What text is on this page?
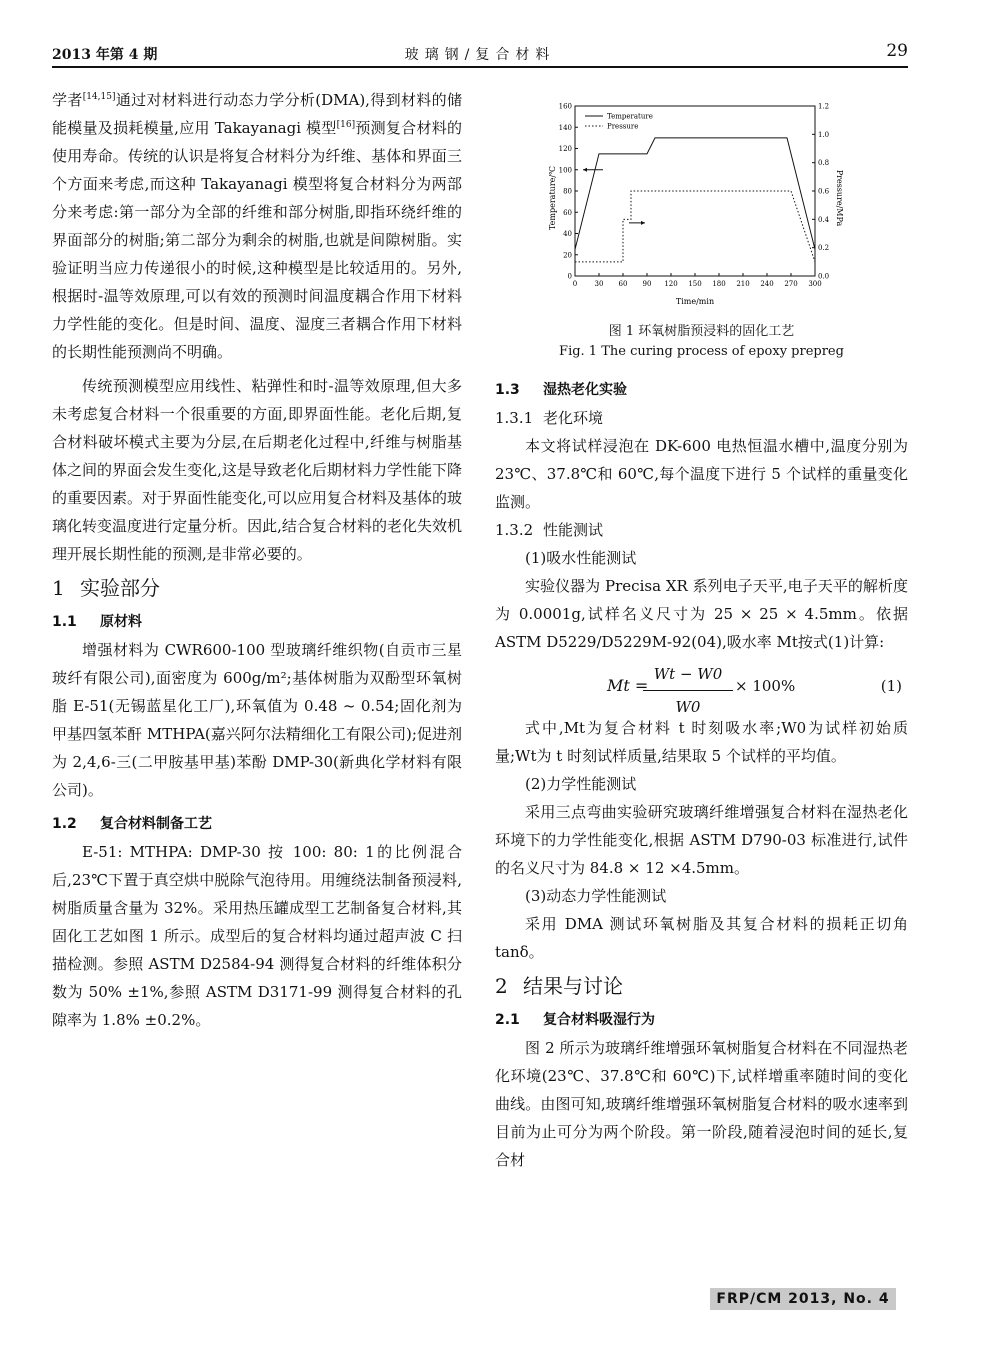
2013 年第 4 期	玻璃钢/复合材料	29

学者[14,15]通过对材料进行动态力学分析(DMA),得到材料的储能模量及损耗模量,应用 Takayanagi 模型[16]预测复合材料的使用寿命。传统的认识是将复合材料分为纤维、基体和界面三个方面来考虑,而这种 Takayanagi 模型将复合材料分为两部分来考虑:第一部分为全部的纤维和部分树脂,即指环绕纤维的界面部分的树脂;第二部分为剩余的树脂,也就是间隙树脂。实验证明当应力传递很小的时候,这种模型是比较适用的。另外,根据时-温等效原理,可以有效的预测时间温度耦合作用下材料力学性能的变化。但是时间、温度、湿度三者耦合作用下材料的长期性能预测尚不明确。

传统预测模型应用线性、粘弹性和时-温等效原理,但大多未考虑复合材料一个很重要的方面,即界面性能。老化后期,复合材料破坏模式主要为分层,在后期老化过程中,纤维与树脂基体之间的界面会发生变化,这是导致老化后期材料力学性能下降的重要因素。对于界面性能变化,可以应用复合材料及基体的玻璃化转变温度进行定量分析。因此,结合复合材料的老化失效机理开展长期性能的预测,是非常必要的。

1 实验部分
1.1 原材料

增强材料为 CWR600-100 型玻璃纤维织物(自贡市三星玻纤有限公司),面密度为 600g/m²;基体树脂为双酚型环氧树脂 E-51(无锡蓝星化工厂),环氧值为 0.48 ~ 0.54;固化剂为甲基四氢苯酐 MTHPA(嘉兴阿尔法精细化工有限公司);促进剂为 2,4,6-三(二甲胺基甲基)苯酚 DMP-30(新典化学材料有限公司)。

1.2 复合材料制备工艺

E-51: MTHPA: DMP-30 按 100: 80: 1的比例混合后,23℃下置于真空烘中脱除气泡待用。用缠绕法制备预浸料,树脂质量含量为 32%。采用热压罐成型工艺制备复合材料,其固化工艺如图 1 所示。成型后的复合材料均通过超声波 C 扫描检测。参照 ASTM D2584-94 测得复合材料的纤维体积分数为 50% ±1%,参照 ASTM D3171-99 测得复合材料的孔隙率为 1.8% ±0.2%。

0 30 60 90 120 150 180 210 240 270 300
0
20
40
60
80
100
120
140
160
0.0
0.2
0.4
0.6
0.8
1.0
1.2
Temperature
Pressure
Time/min
Temperature/℃	Pressure/MPa
图 1 环氧树脂预浸料的固化工艺
Fig. 1 The curing process of epoxy prepreg
1.3 湿热老化实验
1.3.1 老化环境

本文将试样浸泡在 DK-600 电热恒温水槽中,温度分别为 23℃、37.8℃和 60℃,每个温度下进行 5 个试样的重量变化监测。

1.3.2 性能测试

(1)吸水性能测试

实验仪器为 Precisa XR 系列电子天平,电子天平的解析度为 0.0001g,试样名义尺寸为 25 × 25 × 4.5mm。依据 ASTM D5229/D5229M-92(04),吸水率 Mt按式(1)计算:

Mt =
Wt − W0
W0
× 100%	(1)

式中,Mt为复合材料 t 时刻吸水率;W0为试样初始质量;Wt为 t 时刻试样质量,结果取 5 个试样的平均值。

(2)力学性能测试

采用三点弯曲实验研究玻璃纤维增强复合材料在湿热老化环境下的力学性能变化,根据 ASTM D790-03 标准进行,试件的名义尺寸为 84.8 × 12 ×4.5mm。

(3)动态力学性能测试

采用 DMA 测试环氧树脂及其复合材料的损耗正切角 tanδ。

2 结果与讨论
2.1 复合材料吸湿行为

图 2 所示为玻璃纤维增强环氧树脂复合材料在不同湿热老化环境(23℃、37.8℃和 60℃)下,试样增重率随时间的变化曲线。由图可知,玻璃纤维增强环氧树脂复合材料的吸水速率到目前为止可分为两个阶段。第一阶段,随着浸泡时间的延长,复合材

FRP/CM 2013, No. 4
